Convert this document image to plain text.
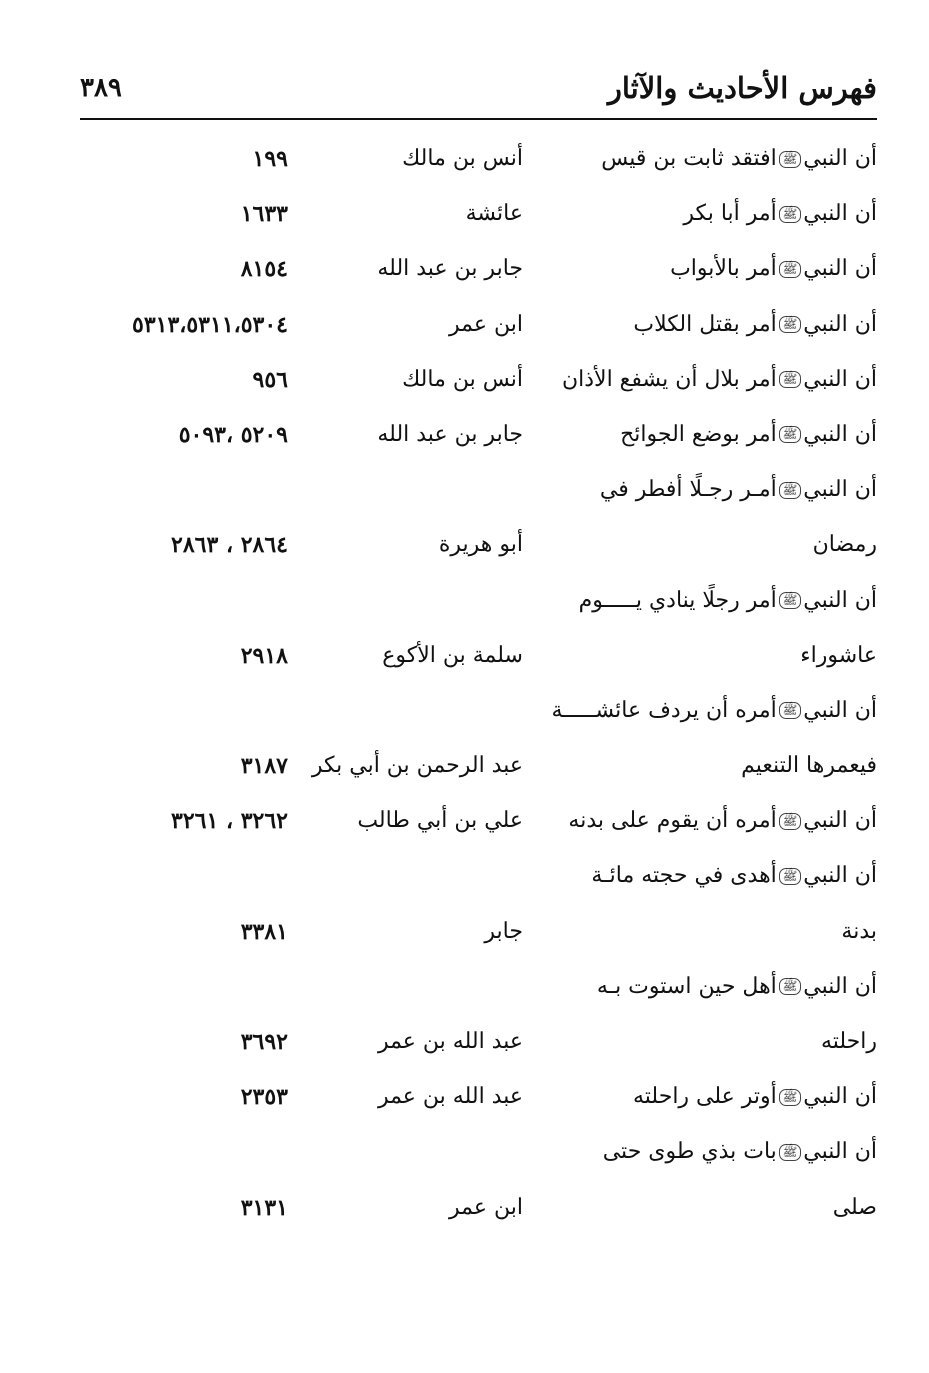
فهرس الأحاديث والآثار
٣٨٩
أن النبيﷺافتقد ثابت بن قيس
أنس بن مالك
١٩٩
أن النبيﷺأمر أبا بكر
عائشة
١٦٣٣
أن النبيﷺأمر بالأبواب
جابر بن عبد الله
٨١٥٤
أن النبيﷺأمر بقتل الكلاب
ابن عمر
٥٣١٣،٥٣١١،٥٣٠٤
أن النبيﷺأمر بلال أن يشفع الأذان
أنس بن مالك
٩٥٦
أن النبيﷺأمر بوضع الجوائح
جابر بن عبد الله
٥٢٠٩ ،٥٠٩٣
أن النبيﷺأمـر رجـلًا أفطر في
رمضان
أبو هريرة
٢٨٦٤ ، ٢٨٦٣
أن النبيﷺأمر رجلًا ينادي يـــــوم
عاشوراء
سلمة بن الأكوع
٢٩١٨
أن النبيﷺأمره أن يردف عائشـــــة
فيعمرها التنعيم
عبد الرحمن بن أبي بكر
٣١٨٧
أن النبيﷺأمره أن يقوم على بدنه
علي بن أبي طالب
٣٢٦٢ ، ٣٢٦١
أن النبيﷺأهدى في حجته مائـة
بدنة
جابر
٣٣٨١
أن النبيﷺأهل حين استوت بـه
راحلته
عبد الله بن عمر
٣٦٩٢
أن النبيﷺأوتر على راحلته
عبد الله بن عمر
٢٣٥٣
أن النبيﷺبات بذي طوى حتى
صلى
ابن عمر
٣١٣١
